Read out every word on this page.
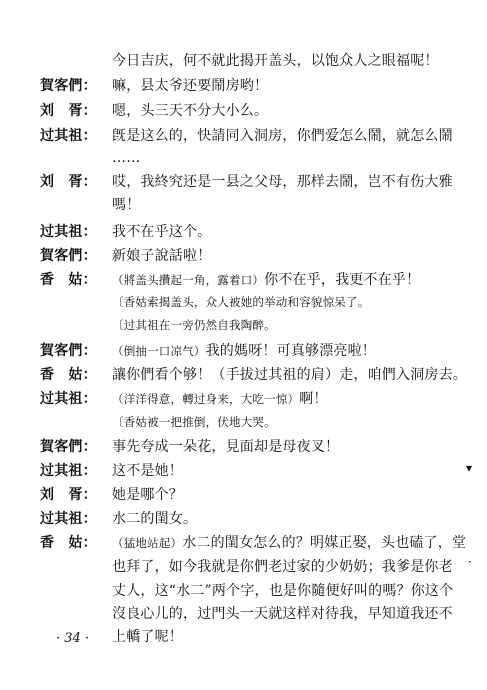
今日吉庆，何不就此揭开盖头，以饱众人之眼福呢！
賀客們： 嘛，县太爷还要鬧房哟！
刘　胥： 嗯，头三天不分大小么。
过其祖： 旣是这么的，快請同入洞房，你們爱怎么鬧，就怎么鬧
……
刘　胥： 哎，我終究还是一县之父母，那样去鬧，岂不有伤大雅
嗎！
过其祖： 我不在乎这个。
賀客們： 新娘子說話啦！
香　姑： （將盖头攢起一角，露着口）你不在乎，我更不在乎！
〔香姑索揭盖头，众人被她的举动和容貌惊呆了。
〔过其祖在一旁仍然自我陶醉。
賀客們： （倒抽一口凉气）我的媽呀！可真够漂亮啦！
香　姑： 讓你們看个够！（手拔过其祖的肩）走，咱們入洞房去。
过其祖： （洋洋得意，轉过身来，大吃一惊）啊！
〔香姑被一把推倒，伏地大哭。
賀客們： 事先夸成一朵花，見面却是母夜叉！
过其祖： 这不是她！
刘　胥： 她是哪个？
过其祖： 水二的閨女。
香　姑： （猛地站起）水二的閨女怎么的？明媒正娶，头也磕了，堂
也拜了，如今我就是你們老过家的少奶奶；我爹是你老
丈人，这“水二”两个字，也是你隨便好叫的嗎？你这个
沒良心儿的，过門头一天就这样对待我，早知道我还不
上轎了呢！
· 34 ·
▾
·
